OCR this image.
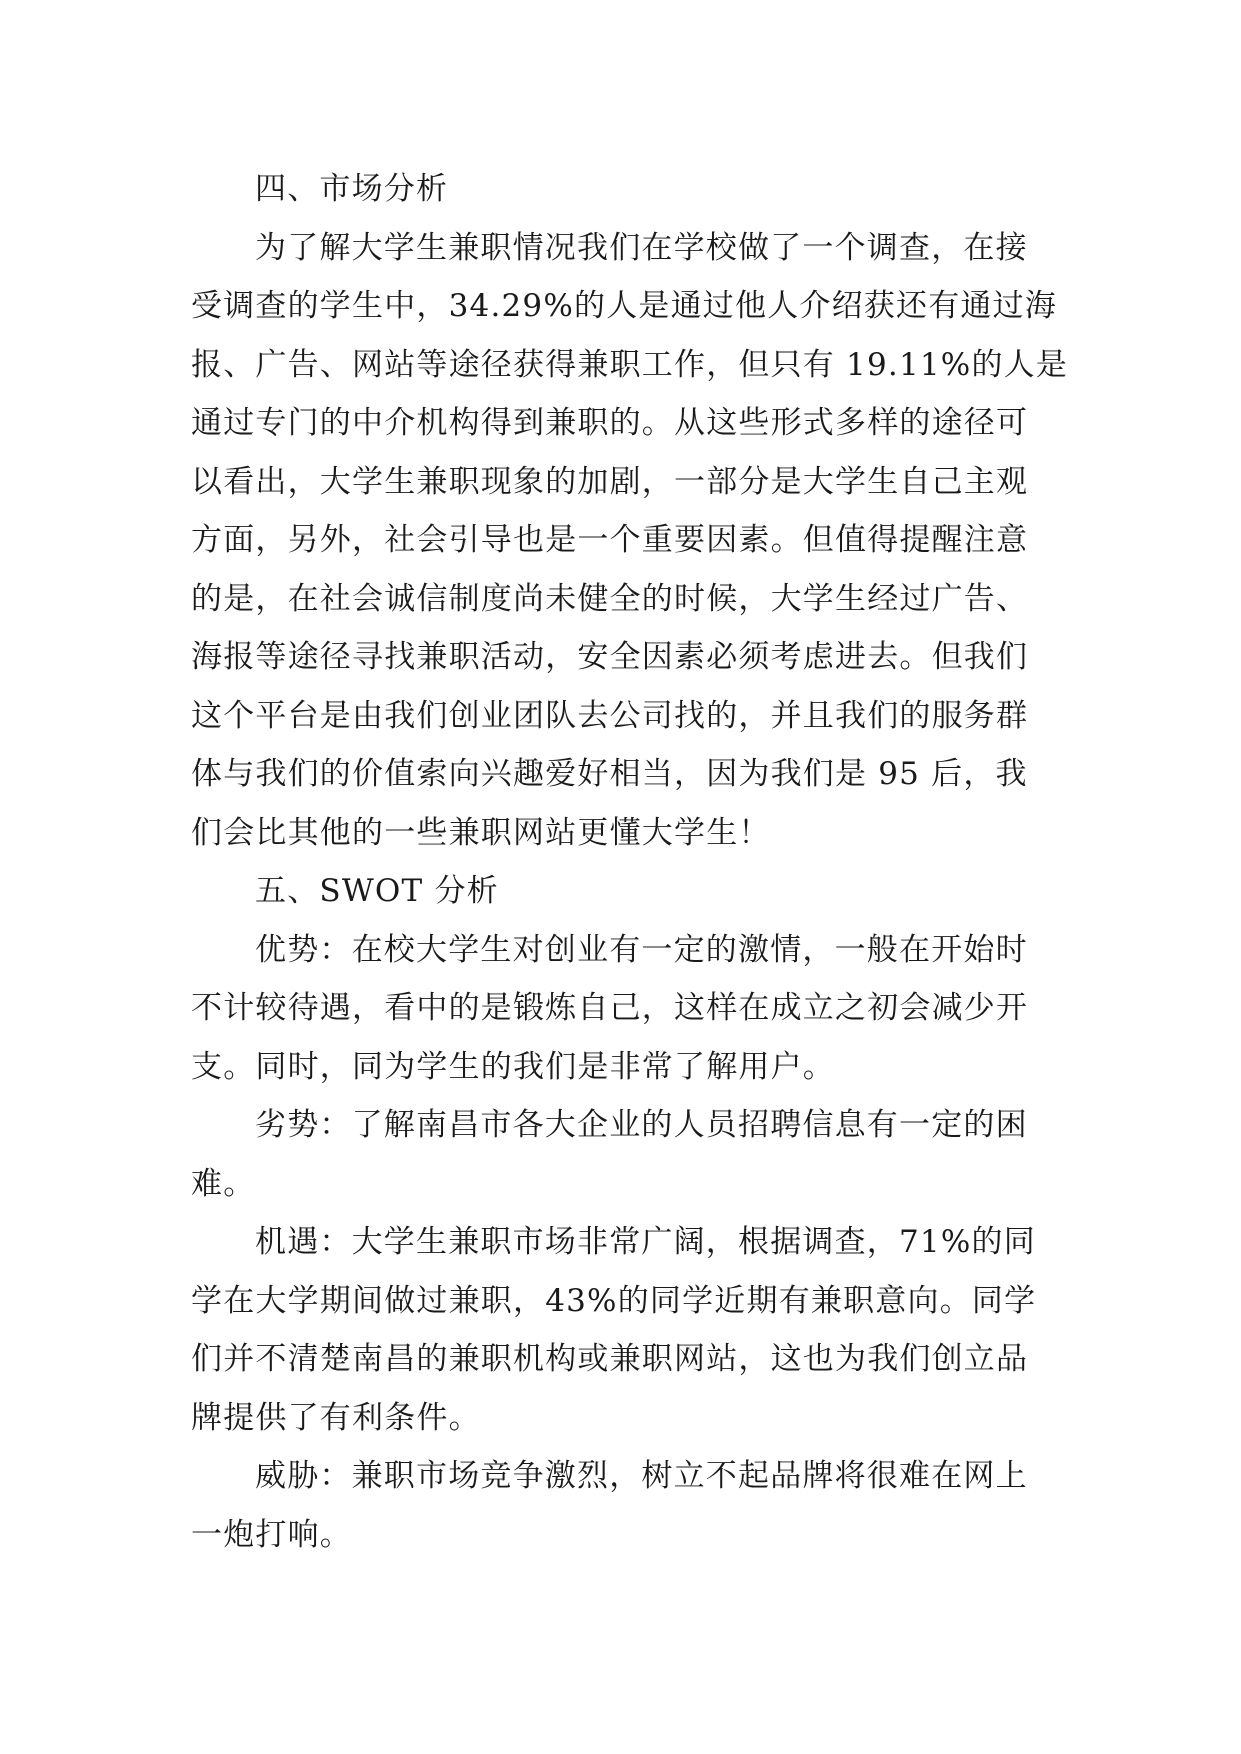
四、市场分析
为了解大学生兼职情况我们在学校做了一个调查，在接
受调查的学生中，34.29%的人是通过他人介绍获还有通过海
报、广告、网站等途径获得兼职工作，但只有 19.11%的人是
通过专门的中介机构得到兼职的。从这些形式多样的途径可
以看出，大学生兼职现象的加剧，一部分是大学生自己主观
方面，另外，社会引导也是一个重要因素。但值得提醒注意
的是，在社会诚信制度尚未健全的时候，大学生经过广告、
海报等途径寻找兼职活动，安全因素必须考虑进去。但我们
这个平台是由我们创业团队去公司找的，并且我们的服务群
体与我们的价值索向兴趣爱好相当，因为我们是 95 后，我
们会比其他的一些兼职网站更懂大学生！
五、SWOT 分析
优势：在校大学生对创业有一定的激情，一般在开始时
不计较待遇，看中的是锻炼自己，这样在成立之初会减少开
支。同时，同为学生的我们是非常了解用户。
劣势：了解南昌市各大企业的人员招聘信息有一定的困
难。
机遇：大学生兼职市场非常广阔，根据调查，71%的同
学在大学期间做过兼职，43%的同学近期有兼职意向。同学
们并不清楚南昌的兼职机构或兼职网站，这也为我们创立品
牌提供了有利条件。
威胁：兼职市场竞争激烈，树立不起品牌将很难在网上
一炮打响。
